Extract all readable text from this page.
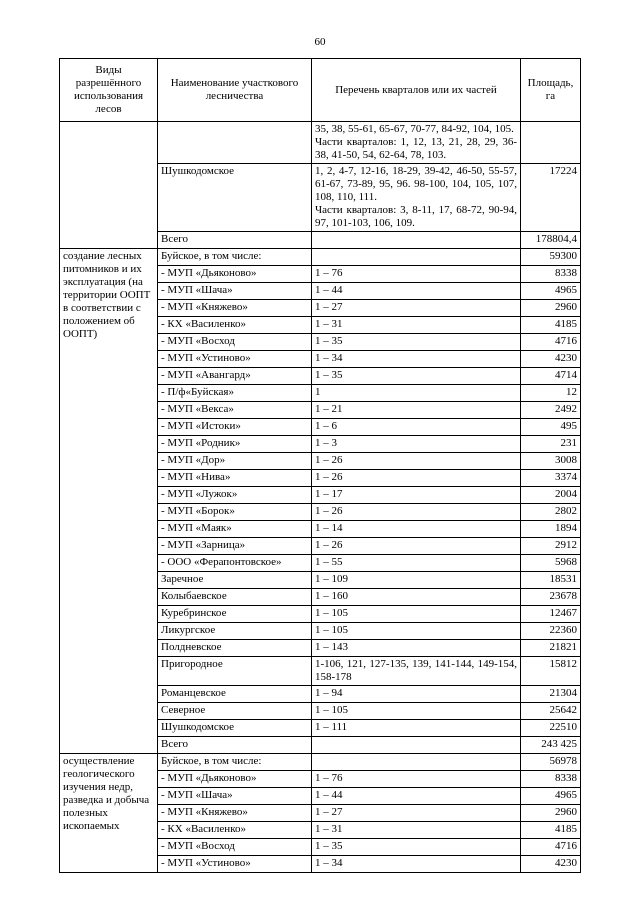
60
Виды разрешённого использования лесов	Наименование участкового лесничества	Перечень кварталов или их частей	Площадь, га
		35, 38, 55-61, 65-67, 70-77, 84-92, 104, 105.
Части кварталов: 1, 12, 13, 21, 28, 29, 36-38, 41-50, 54, 62-64, 78, 103.	
	Шушкодомское	1, 2, 4-7, 12-16, 18-29, 39-42, 46-50, 55-57, 61-67, 73-89, 95, 96. 98-100, 104, 105, 107, 108, 110, 111.
Части кварталов: 3, 8-11, 17, 68-72, 90-94, 97, 101-103, 106, 109.	17224
	Всего		178804,4
создание лесных питомников и их эксплуатация (на территории ООПТ в соответствии с положением об ООПТ)	Буйское, в том числе:		59300
	- МУП «Дьяконово»	1 – 76	8338
	- МУП «Шача»	1 – 44	4965
	- МУП «Княжево»	1 – 27	2960
	- КХ «Василенко»	1 – 31	4185
	- МУП «Восход	1 – 35	4716
	- МУП «Устиново»	1 – 34	4230
	- МУП «Авангард»	1 – 35	4714
	- П/ф«Буйская»	1	12
	- МУП «Векса»	1 – 21	2492
	- МУП «Истоки»	1 – 6	495
	- МУП «Родник»	1 – 3	231
	- МУП «Дор»	1 – 26	3008
	- МУП «Нива»	1 – 26	3374
	- МУП «Лужок»	1 – 17	2004
	- МУП «Борок»	1 – 26	2802
	- МУП «Маяк»	1 – 14	1894
	- МУП «Зарница»	1 – 26	2912
	- ООО «Ферапонтовское»	1 – 55	5968
	Заречное	1 – 109	18531
	Колыбаевское	1 – 160	23678
	Куребринское	1 – 105	12467
	Ликургское	1 – 105	22360
	Полдневское	1 – 143	21821
	Пригородное	1-106, 121, 127-135, 139, 141-144, 149-154, 158-178	15812
	Романцевское	1 – 94	21304
	Северное	1 – 105	25642
	Шушкодомское	1 – 111	22510
	Всего		243 425
осуществление геологического изучения недр, разведка и добыча полезных ископаемых	Буйское, в том числе:		56978
	- МУП «Дьяконово»	1 – 76	8338
	- МУП «Шача»	1 – 44	4965
	- МУП «Княжево»	1 – 27	2960
	- КХ «Василенко»	1 – 31	4185
	- МУП «Восход	1 – 35	4716
	- МУП «Устиново»	1 – 34	4230
